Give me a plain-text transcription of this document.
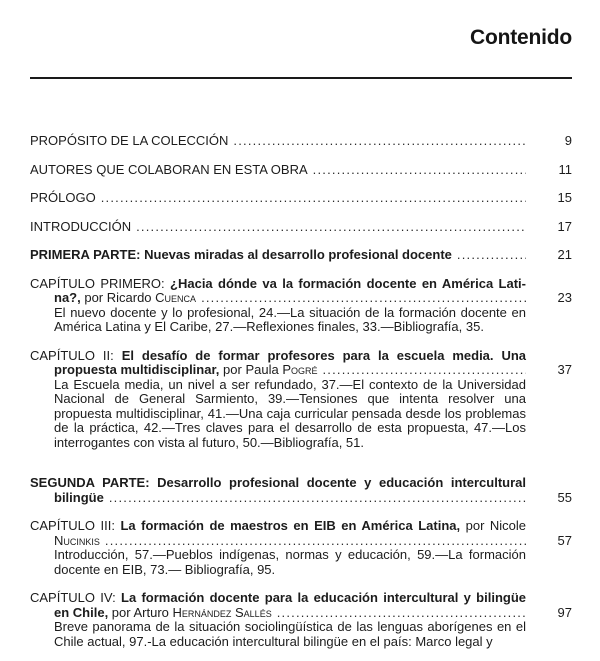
Contenido
PROPÓSITO DE LA COLECCIÓN .....	9
AUTORES QUE COLABORAN EN ESTA OBRA .....	11
PRÓLOGO .....	15
INTRODUCCIÓN .....	17
PRIMERA PARTE: Nuevas miradas al desarrollo profesional docente .....	21
CAPÍTULO PRIMERO: ¿Hacia dónde va la formación docente en América Lati-
na?, por Ricardo Cuenca .....	23
El nuevo docente y lo profesional, 24.—La situación de la formación docente en América Latina y El Caribe, 27.—Reflexiones finales, 33.—Bibliografía, 35.
CAPÍTULO II: El desafío de formar profesores para la escuela media. Una
propuesta multidisciplinar, por Paula Pogré .....	37
La Escuela media, un nivel a ser refundado, 37.—El contexto de la Universidad Nacional de General Sarmiento, 39.—Tensiones que intenta resolver una propuesta multidisciplinar, 41.—Una caja curricular pensada desde los problemas de la práctica, 42.—Tres claves para el desarrollo de esta propuesta, 47.—Los interrogantes con vista al futuro, 50.—Bibliografía, 51.
SEGUNDA PARTE: Desarrollo profesional docente y educación intercultural
bilingüe .....	55
CAPÍTULO III: La formación de maestros en EIB en América Latina, por Nicole
Nucinkis .....	57
Introducción, 57.—Pueblos indígenas, normas y educación, 59.—La formación docente en EIB, 73.— Bibliografía, 95.
CAPÍTULO IV: La formación docente para la educación intercultural y bilingüe
en Chile, por Arturo Hernández Sallés .....	97
Breve panorama de la situación sociolingüística de las lenguas aborígenes en el Chile actual, 97.-La educación intercultural bilingüe en el país: Marco legal y
